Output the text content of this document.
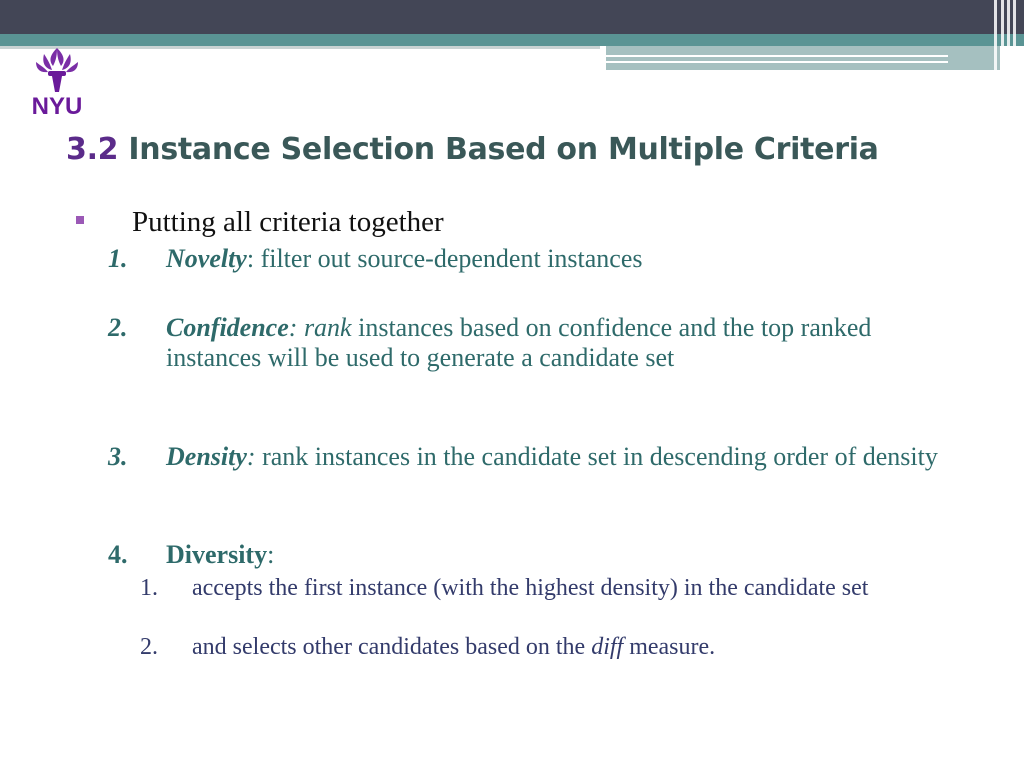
NYU
3.2 Instance Selection Based on Multiple Criteria
Putting all criteria together
1.	Novelty: filter out source-dependent instances
2.	Confidence: rank instances based on confidence and the top ranked instances will be used to generate a candidate set
3.	Density: rank instances in the candidate set in descending order of density
4.	Diversity:
1.	accepts the first instance (with the highest density) in the candidate set
2.	and selects other candidates based on the diff measure.
